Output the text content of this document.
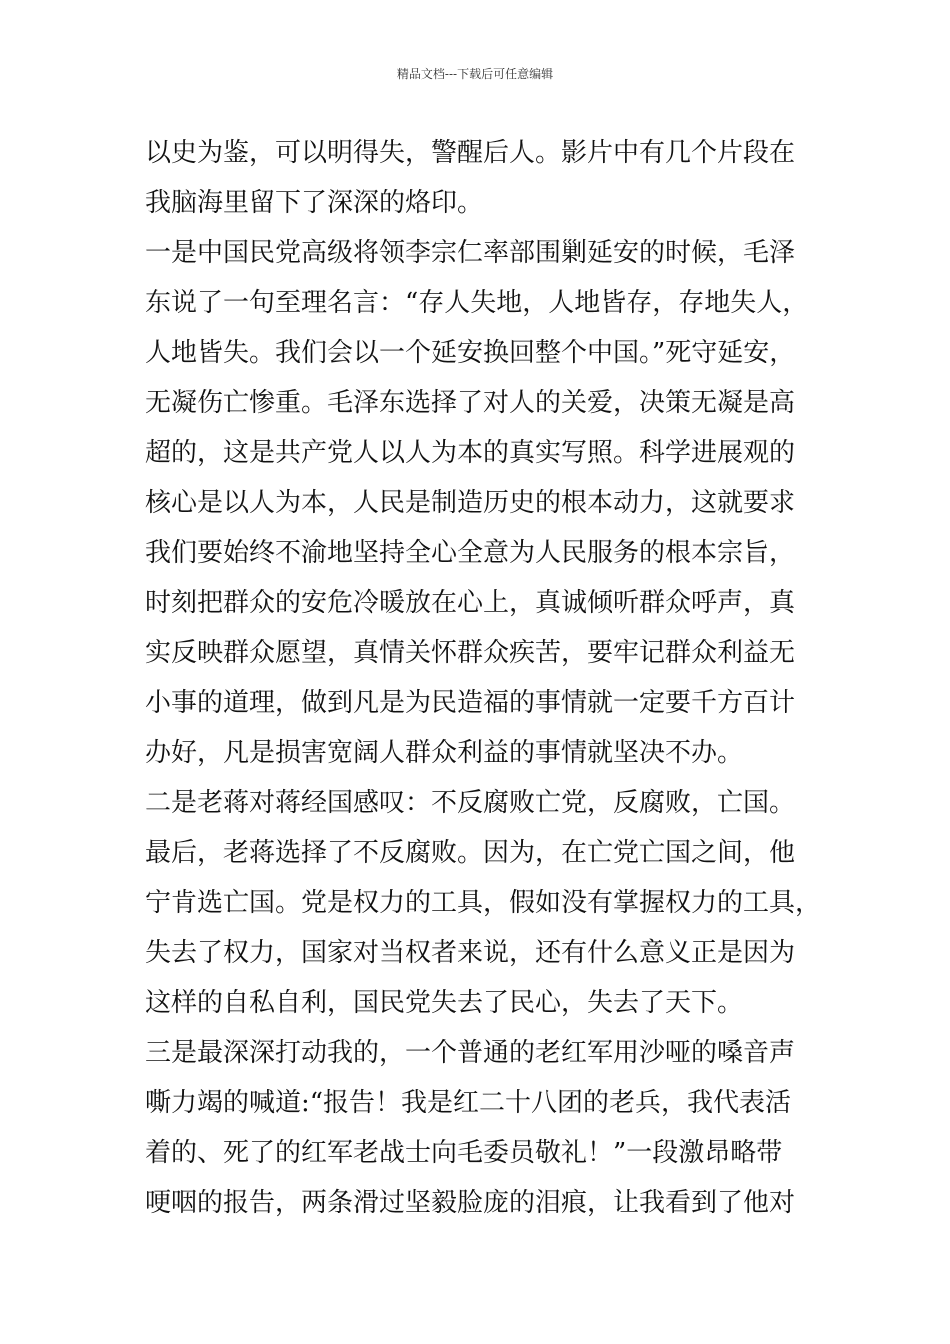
精品文档---下载后可任意编辑
以史为鉴，可以明得失，警醒后人。影片中有几个片段在
我脑海里留下了深深的烙印。
一是中国民党高级将领李宗仁率部围剿延安的时候，毛泽
东说了一句至理名言：“存人失地，人地皆存，存地失人，
人地皆失。我们会以一个延安换回整个中国。”死守延安，
无凝伤亡惨重。毛泽东选择了对人的关爱，决策无凝是高
超的，这是共产党人以人为本的真实写照。科学进展观的
核心是以人为本，人民是制造历史的根本动力，这就要求
我们要始终不渝地坚持全心全意为人民服务的根本宗旨，
时刻把群众的安危冷暖放在心上，真诚倾听群众呼声，真
实反映群众愿望，真情关怀群众疾苦，要牢记群众利益无
小事的道理，做到凡是为民造福的事情就一定要千方百计
办好，凡是损害宽阔人群众利益的事情就坚决不办。
二是老蒋对蒋经国感叹：不反腐败亡党，反腐败，亡国。
最后，老蒋选择了不反腐败。因为，在亡党亡国之间，他
宁肯选亡国。党是权力的工具，假如没有掌握权力的工具，
失去了权力，国家对当权者来说，还有什么意义正是因为
这样的自私自利，国民党失去了民心，失去了天下。
三是最深深打动我的，一个普通的老红军用沙哑的嗓音声
嘶力竭的喊道:“报告！我是红二十八团的老兵，我代表活
着的、死了的红军老战士向毛委员敬礼！”一段激昂略带
哽咽的报告，两条滑过坚毅脸庞的泪痕，让我看到了他对
